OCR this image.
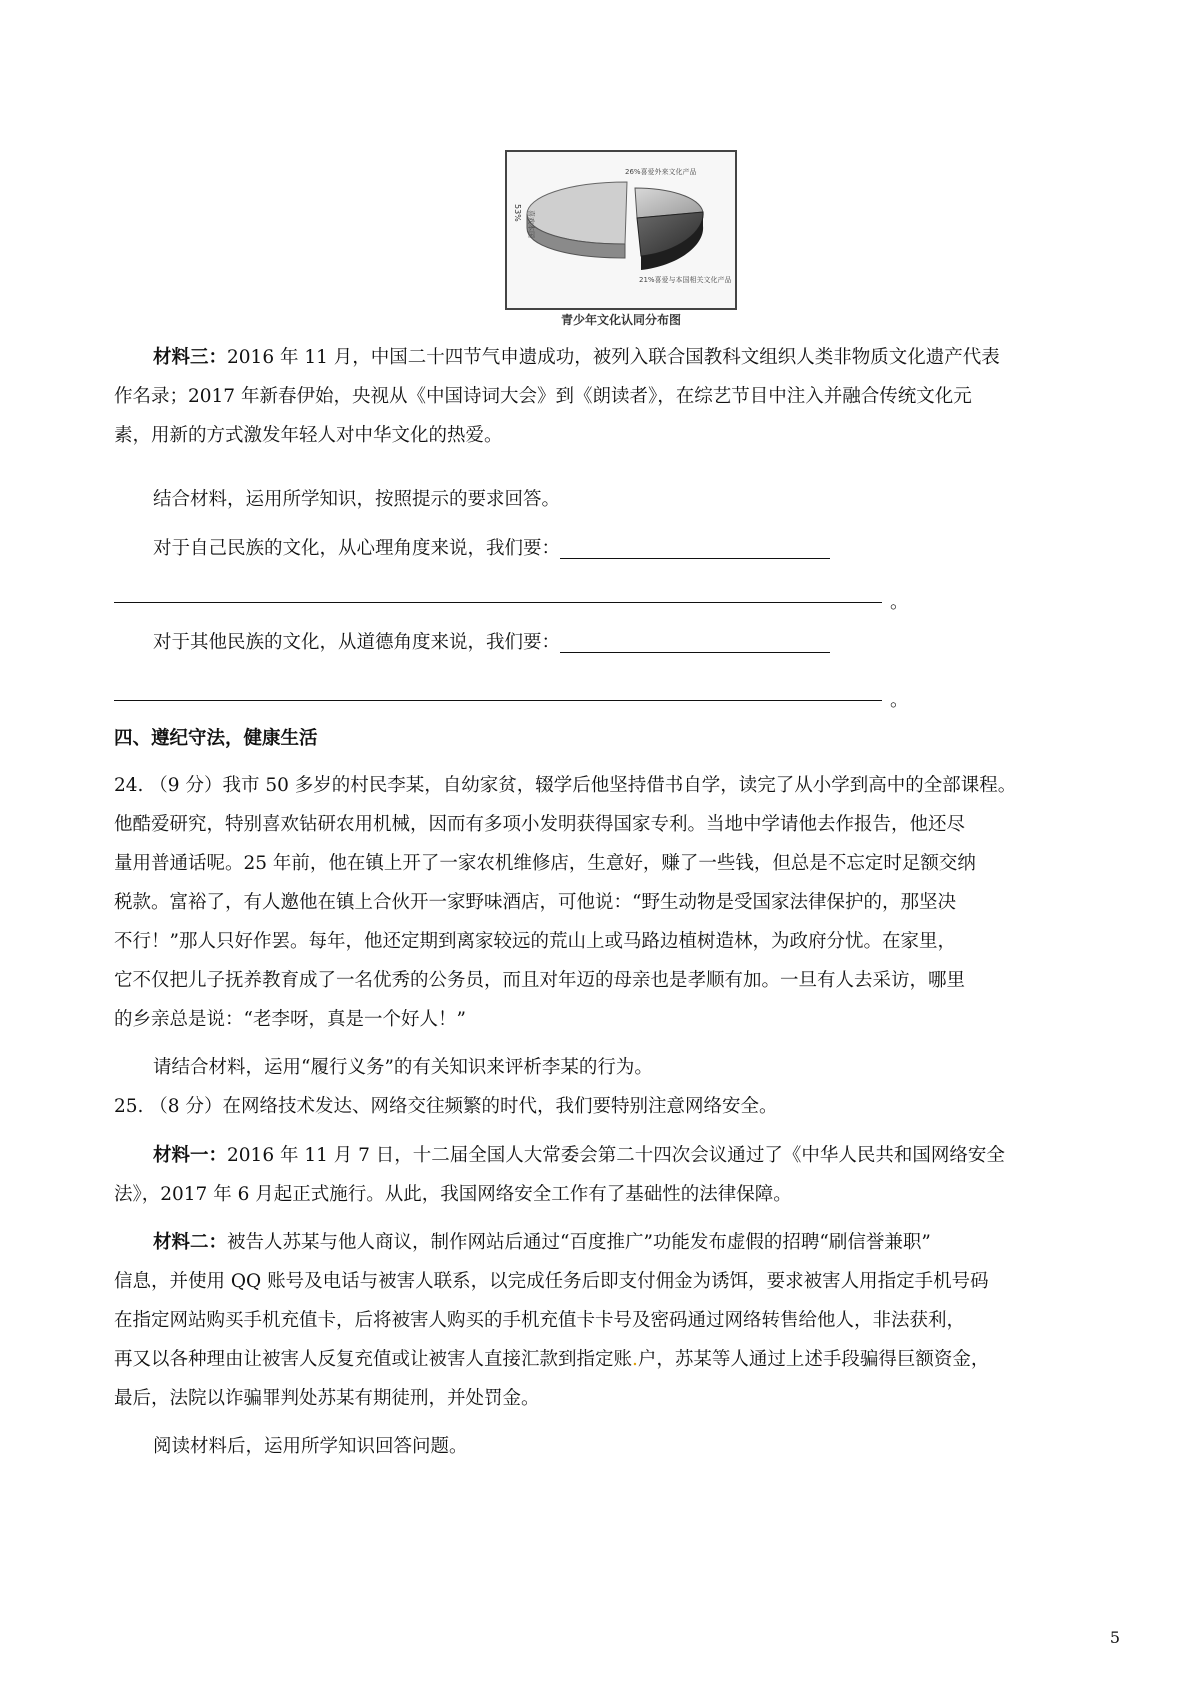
53% 喜欢本国
26%喜爱外来文化产品
21%喜爱与本国相关文化产品
青少年文化认同分布图
材料三：2016 年 11 月，中国二十四节气申遗成功，被列入联合国教科文组织人类非物质文化遗产代表
作名录；2017 年新春伊始，央视从《中国诗词大会》到《朗读者》，在综艺节目中注入并融合传统文化元
素，用新的方式激发年轻人对中华文化的热爱。
结合材料，运用所学知识，按照提示的要求回答。
对于自己民族的文化，从心理角度来说，我们要：
。
对于其他民族的文化，从道德角度来说，我们要：
。
四、遵纪守法，健康生活
24. （9 分）我市 50 多岁的村民李某，自幼家贫，辍学后他坚持借书自学，读完了从小学到高中的全部课程。
他酷爱研究，特别喜欢钻研农用机械，因而有多项小发明获得国家专利。当地中学请他去作报告，他还尽
量用普通话呢。25 年前，他在镇上开了一家农机维修店，生意好，赚了一些钱，但总是不忘定时足额交纳
税款。富裕了，有人邀他在镇上合伙开一家野味酒店，可他说：“野生动物是受国家法律保护的，那坚决
不行！”那人只好作罢。每年，他还定期到离家较远的荒山上或马路边植树造林，为政府分忧。在家里，
它不仅把儿子抚养教育成了一名优秀的公务员，而且对年迈的母亲也是孝顺有加。一旦有人去采访，哪里
的乡亲总是说：“老李呀，真是一个好人！”
请结合材料，运用“履行义务”的有关知识来评析李某的行为。
25. （8 分）在网络技术发达、网络交往频繁的时代，我们要特别注意网络安全。
材料一：2016 年 11 月 7 日，十二届全国人大常委会第二十四次会议通过了《中华人民共和国网络安全
法》，2017 年 6 月起正式施行。从此，我国网络安全工作有了基础性的法律保障。
材料二：被告人苏某与他人商议，制作网站后通过“百度推广”功能发布虚假的招聘“刷信誉兼职”
信息，并使用 QQ 账号及电话与被害人联系，以完成任务后即支付佣金为诱饵，要求被害人用指定手机号码
在指定网站购买手机充值卡，后将被害人购买的手机充值卡卡号及密码通过网络转售给他人，非法获利，
再又以各种理由让被害人反复充值或让被害人直接汇款到指定账.户，苏某等人通过上述手段骗得巨额资金，
最后，法院以诈骗罪判处苏某有期徒刑，并处罚金。
阅读材料后，运用所学知识回答问题。
5
